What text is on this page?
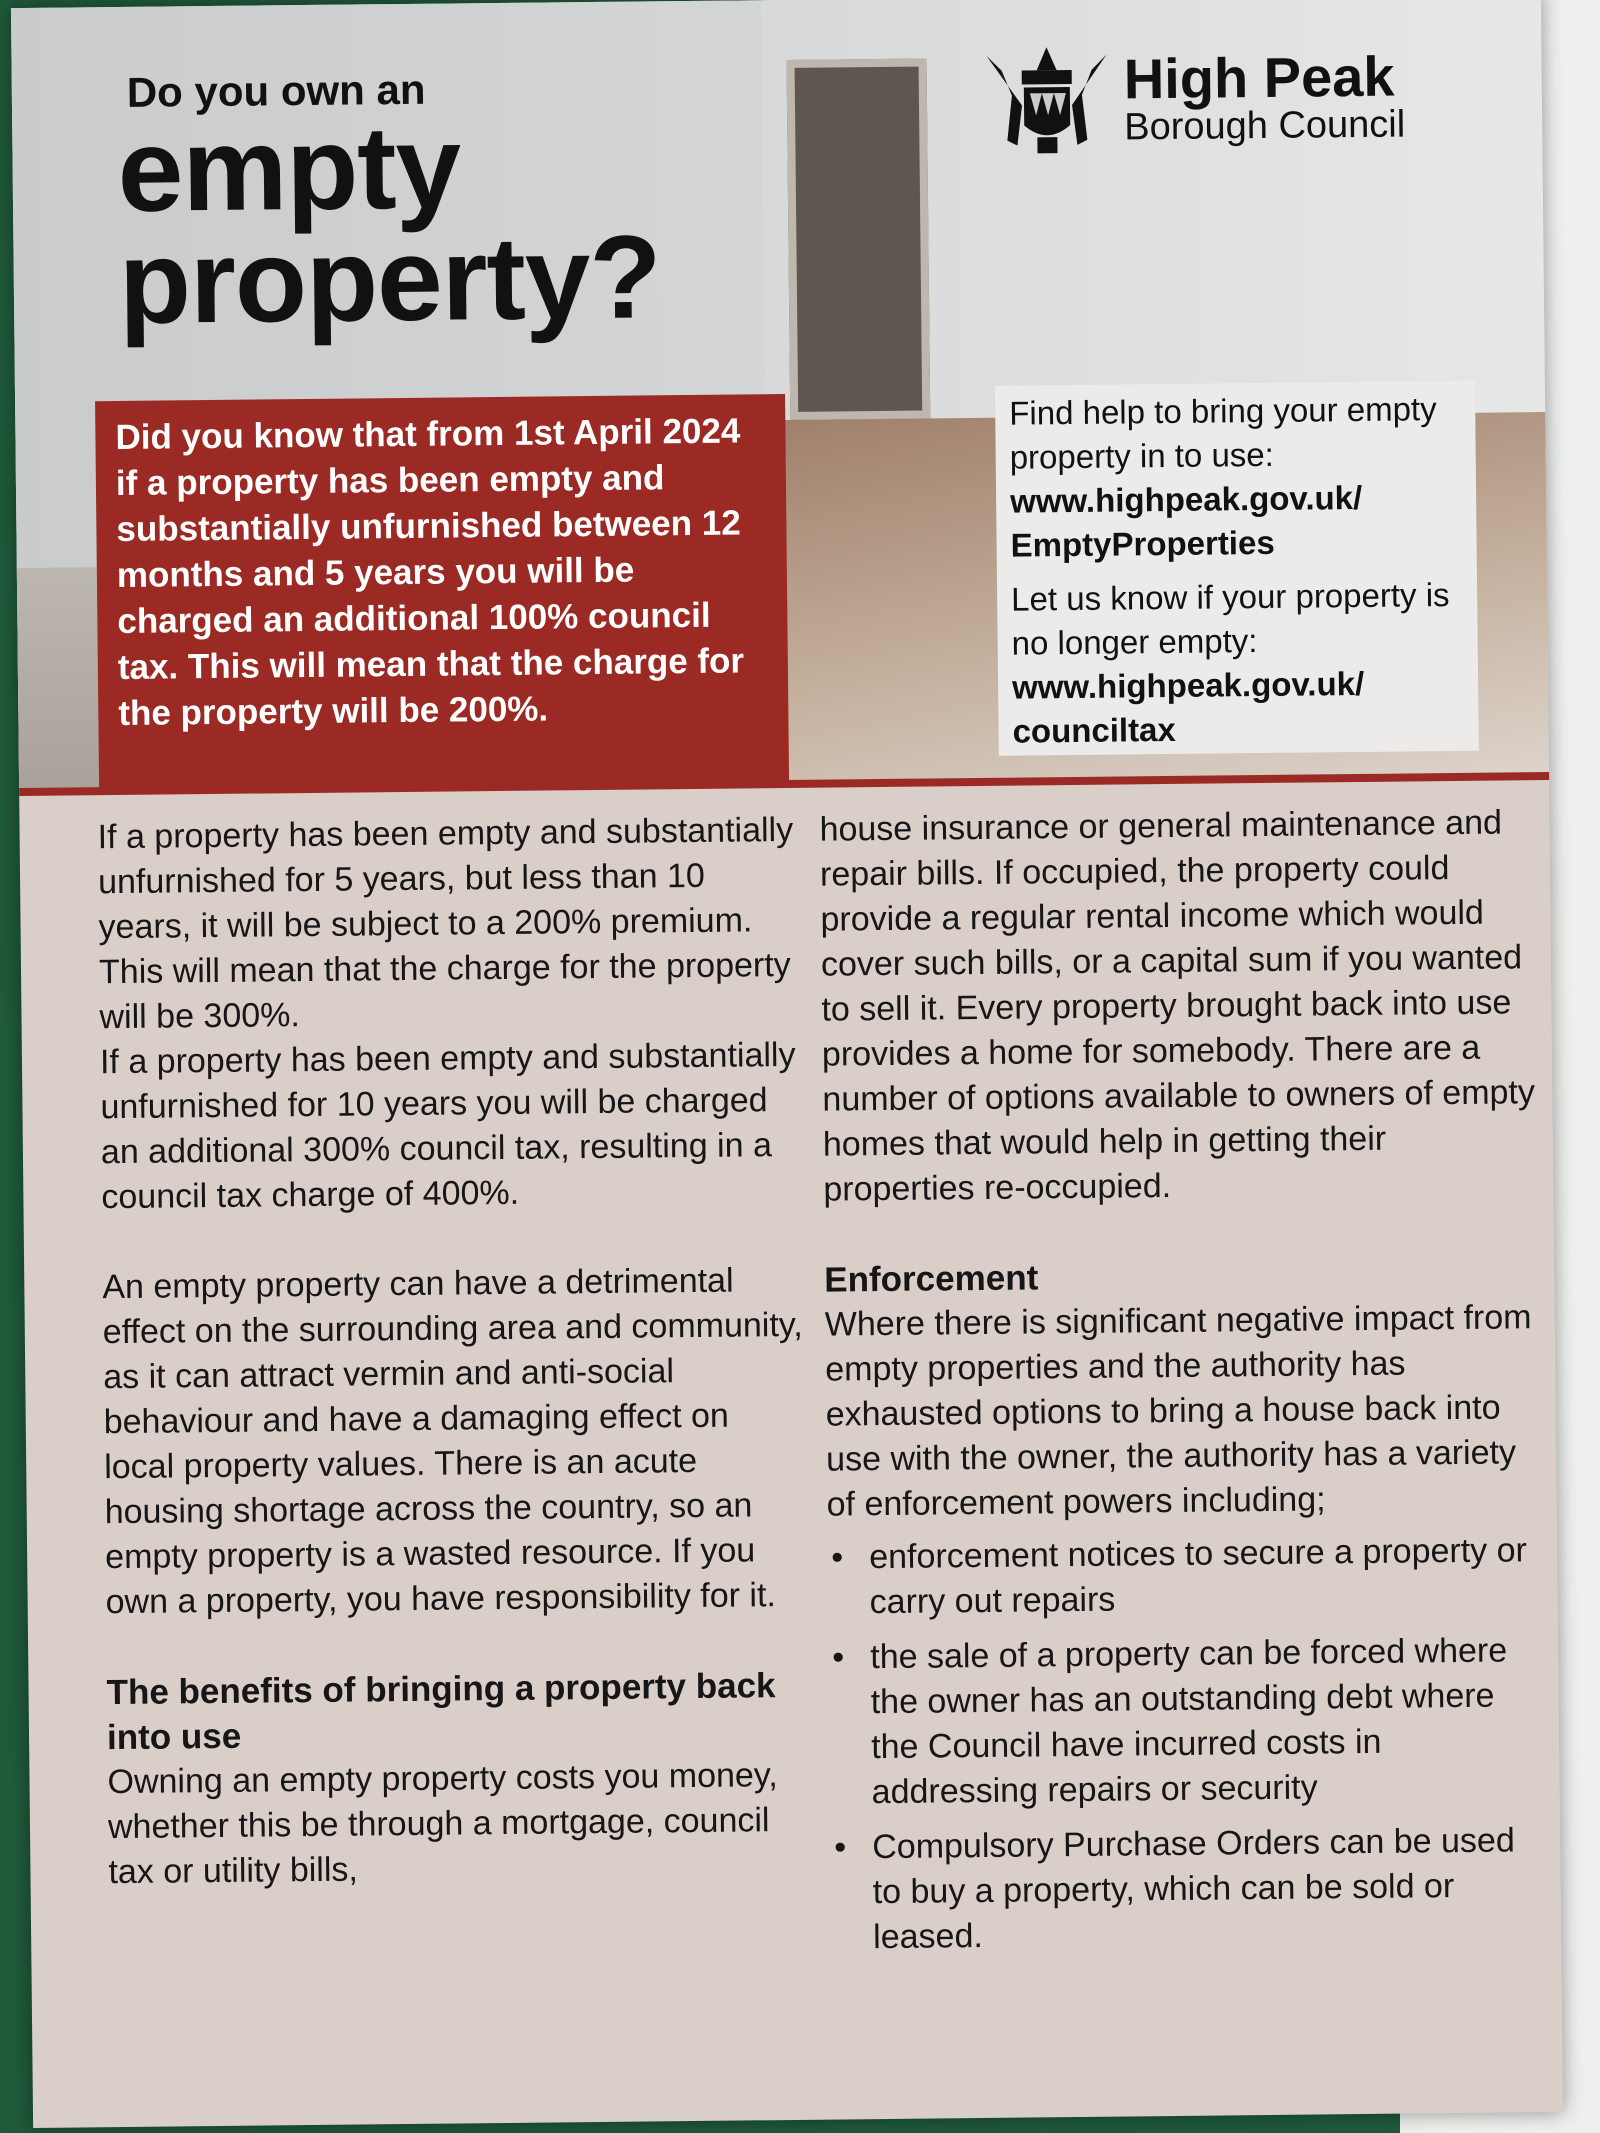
Do you own an
empty
property?
High Peak
Borough Council
Did you know that from 1st April 2024 if a property has been empty and substantially unfurnished between 12 months and 5 years you will be charged an additional 100% council tax. This will mean that the charge for the property will be 200%.

Find help to bring your empty property in to use:
www.highpeak.gov.uk/ EmptyProperties

Let us know if your property is no longer empty:
www.highpeak.gov.uk/ counciltax

If a property has been empty and substantially unfurnished for 5 years, but less than 10 years, it will be subject to a 200% premium. This will mean that the charge for the property will be 300%.

If a property has been empty and substantially unfurnished for 10 years you will be charged an additional 300% council tax, resulting in a council tax charge of 400%.

An empty property can have a detrimental effect on the surrounding area and community, as it can attract vermin and anti-social behaviour and have a damaging effect on local property values. There is an acute housing shortage across the country, so an empty property is a wasted resource. If you own a property, you have responsibility for it.

The benefits of bringing a property back into use

Owning an empty property costs you money, whether this be through a mortgage, council tax or utility bills,

house insurance or general maintenance and repair bills. If occupied, the property could provide a regular rental income which would cover such bills, or a capital sum if you wanted to sell it. Every property brought back into use provides a home for somebody. There are a number of options available to owners of empty homes that would help in getting their properties re-occupied.

Enforcement

Where there is significant negative impact from empty properties and the authority has exhausted options to bring a house back into use with the owner, the authority has a variety of enforcement powers including;

• enforcement notices to secure a property or carry out repairs
• the sale of a property can be forced where the owner has an outstanding debt where the Council have incurred costs in addressing repairs or security
• Compulsory Purchase Orders can be used to buy a property, which can be sold or leased.
